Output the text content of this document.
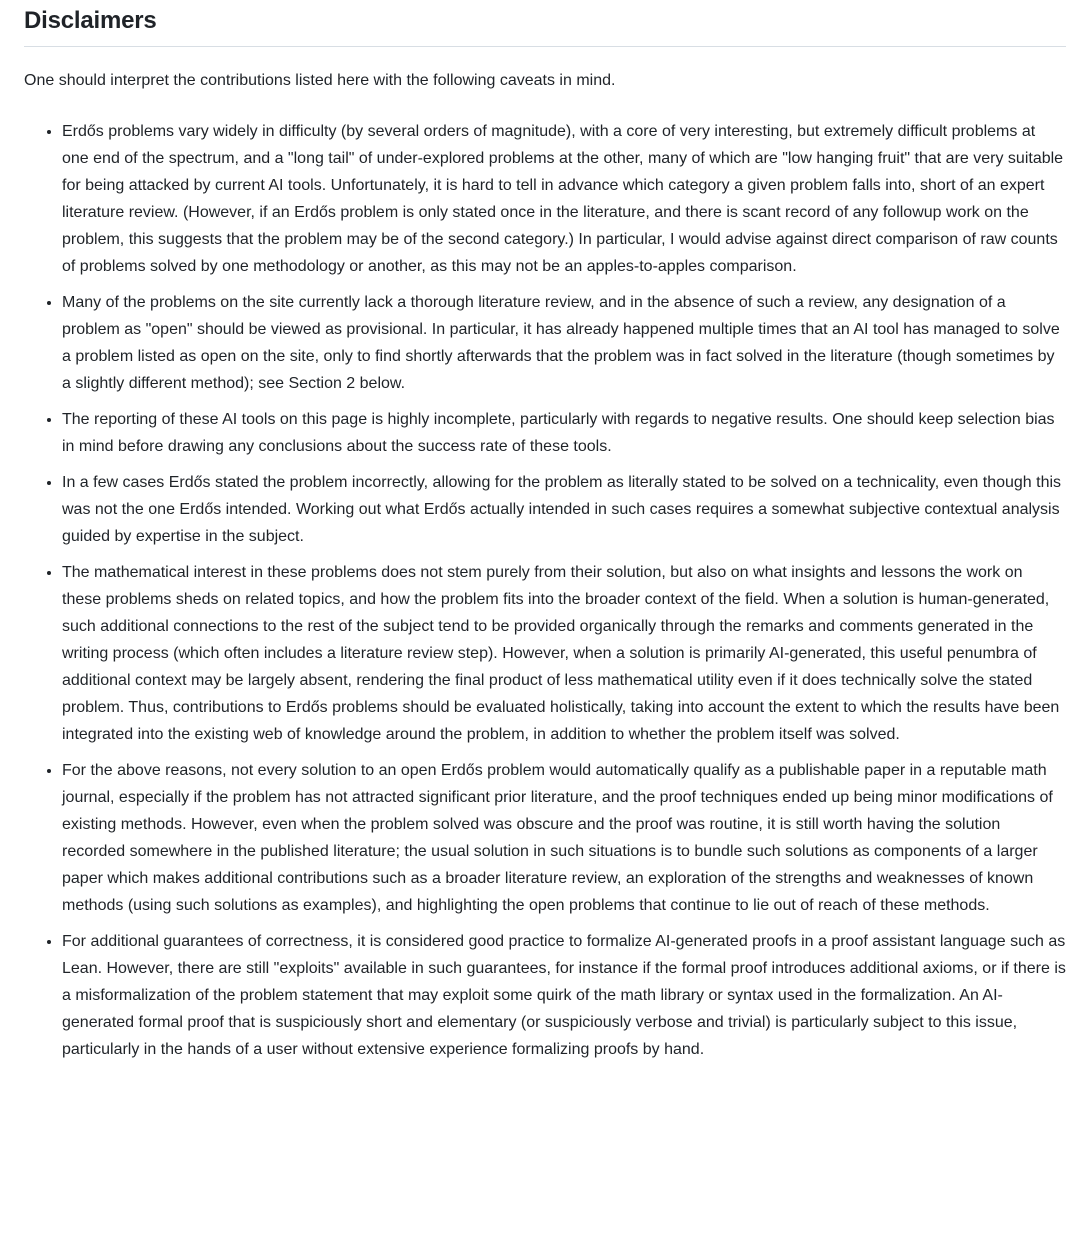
Disclaimers

One should interpret the contributions listed here with the following caveats in mind.

• Erdős problems vary widely in difficulty (by several orders of magnitude), with a core of very interesting, but extremely difficult problems at one end of the spectrum, and a "long tail" of under-explored problems at the other, many of which are "low hanging fruit" that are very suitable for being attacked by current AI tools. Unfortunately, it is hard to tell in advance which category a given problem falls into, short of an expert literature review. (However, if an Erdős problem is only stated once in the literature, and there is scant record of any followup work on the problem, this suggests that the problem may be of the second category.) In particular, I would advise against direct comparison of raw counts of problems solved by one methodology or another, as this may not be an apples-to-apples comparison.
• Many of the problems on the site currently lack a thorough literature review, and in the absence of such a review, any designation of a problem as "open" should be viewed as provisional. In particular, it has already happened multiple times that an AI tool has managed to solve a problem listed as open on the site, only to find shortly afterwards that the problem was in fact solved in the literature (though sometimes by a slightly different method); see Section 2 below.
• The reporting of these AI tools on this page is highly incomplete, particularly with regards to negative results. One should keep selection bias in mind before drawing any conclusions about the success rate of these tools.
• In a few cases Erdős stated the problem incorrectly, allowing for the problem as literally stated to be solved on a technicality, even though this was not the one Erdős intended. Working out what Erdős actually intended in such cases requires a somewhat subjective contextual analysis guided by expertise in the subject.
• The mathematical interest in these problems does not stem purely from their solution, but also on what insights and lessons the work on these problems sheds on related topics, and how the problem fits into the broader context of the field. When a solution is human-generated, such additional connections to the rest of the subject tend to be provided organically through the remarks and comments generated in the writing process (which often includes a literature review step). However, when a solution is primarily AI-generated, this useful penumbra of additional context may be largely absent, rendering the final product of less mathematical utility even if it does technically solve the stated problem. Thus, contributions to Erdős problems should be evaluated holistically, taking into account the extent to which the results have been integrated into the existing web of knowledge around the problem, in addition to whether the problem itself was solved.
• For the above reasons, not every solution to an open Erdős problem would automatically qualify as a publishable paper in a reputable math journal, especially if the problem has not attracted significant prior literature, and the proof techniques ended up being minor modifications of existing methods. However, even when the problem solved was obscure and the proof was routine, it is still worth having the solution recorded somewhere in the published literature; the usual solution in such situations is to bundle such solutions as components of a larger paper which makes additional contributions such as a broader literature review, an exploration of the strengths and weaknesses of known methods (using such solutions as examples), and highlighting the open problems that continue to lie out of reach of these methods.
• For additional guarantees of correctness, it is considered good practice to formalize AI-generated proofs in a proof assistant language such as Lean. However, there are still "exploits" available in such guarantees, for instance if the formal proof introduces additional axioms, or if there is a misformalization of the problem statement that may exploit some quirk of the math library or syntax used in the formalization. An AI-generated formal proof that is suspiciously short and elementary (or suspiciously verbose and trivial) is particularly subject to this issue, particularly in the hands of a user without extensive experience formalizing proofs by hand.
